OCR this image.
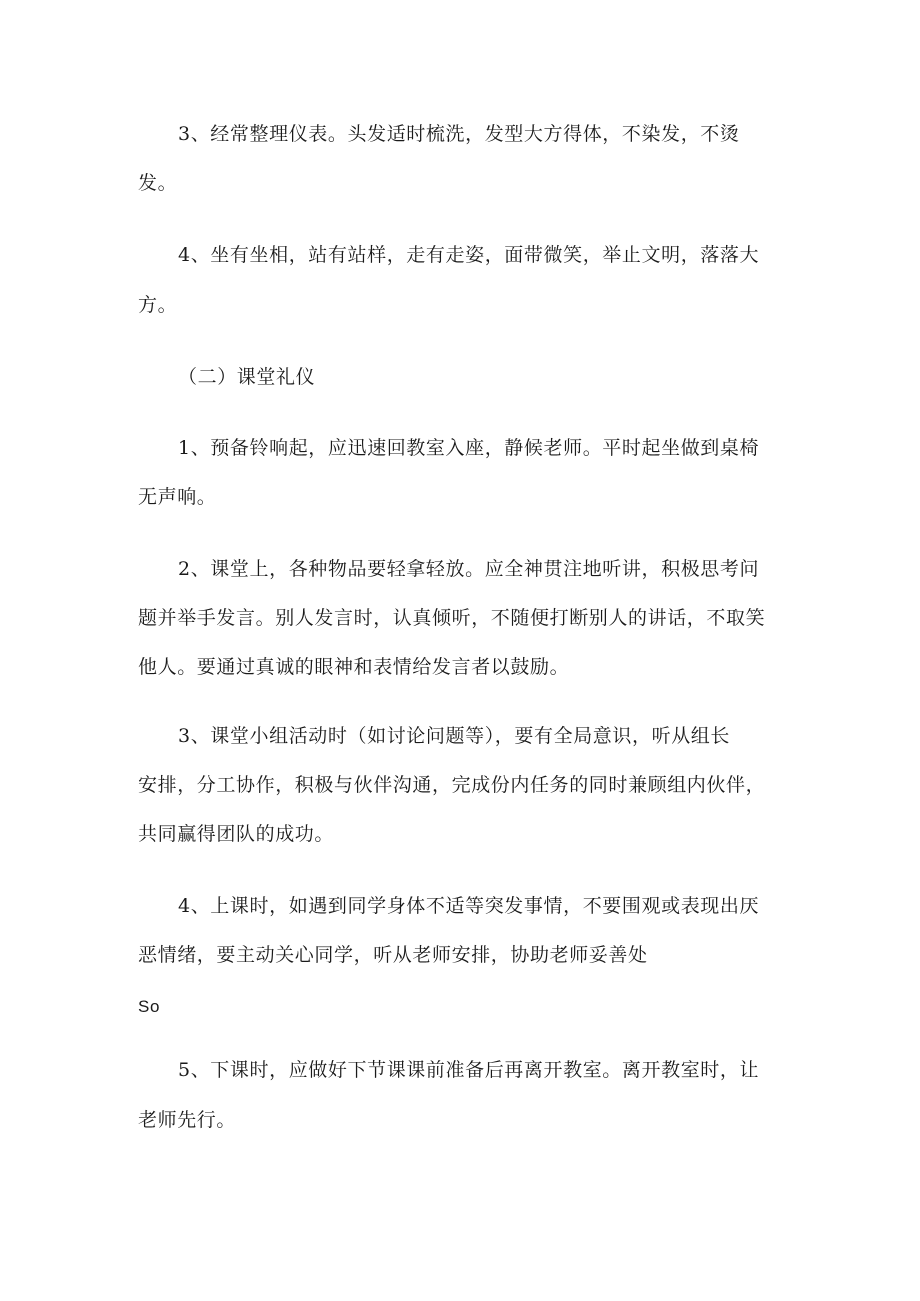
3、经常整理仪表。头发适时梳洗，发型大方得体，不染发，不烫
发。
4、坐有坐相，站有站样，走有走姿，面带微笑，举止文明，落落大
方。
（二）课堂礼仪
1、预备铃响起，应迅速回教室入座，静候老师。平时起坐做到桌椅
无声响。
2、课堂上，各种物品要轻拿轻放。应全神贯注地听讲，积极思考问
题并举手发言。别人发言时，认真倾听，不随便打断别人的讲话，不取笑
他人。要通过真诚的眼神和表情给发言者以鼓励。
3、课堂小组活动时（如讨论问题等），要有全局意识，听从组长
安排，分工协作，积极与伙伴沟通，完成份内任务的同时兼顾组内伙伴，
共同赢得团队的成功。
4、上课时，如遇到同学身体不适等突发事情，不要围观或表现出厌
恶情绪，要主动关心同学，听从老师安排，协助老师妥善处
So
5、下课时，应做好下节课课前准备后再离开教室。离开教室时，让
老师先行。
